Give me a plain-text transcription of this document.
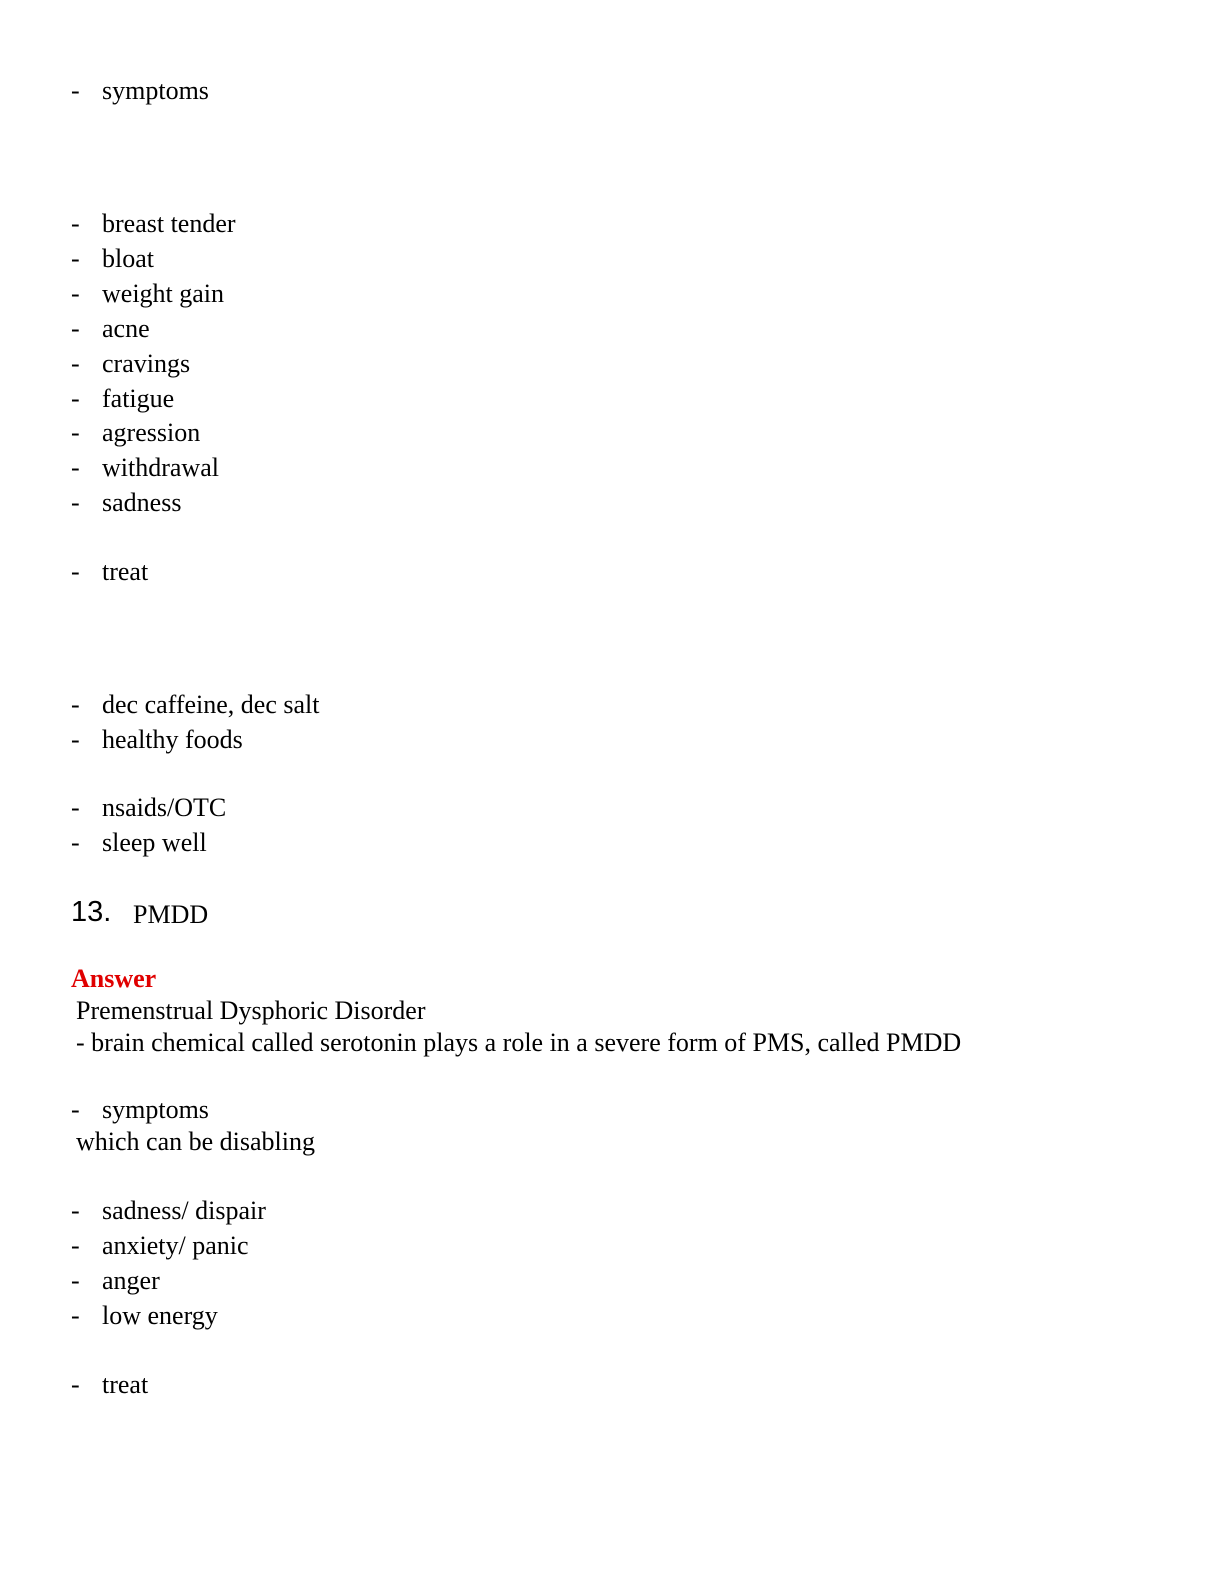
- symptoms
- breast tender
- bloat
- weight gain
- acne
- cravings
- fatigue
- agression
- withdrawal
- sadness
- treat
- dec caffeine, dec salt
- healthy foods
- nsaids/OTC
- sleep well
13. PMDD
Answer
Premenstrual Dysphoric Disorder
- brain chemical called serotonin plays a role in a severe form of PMS, called PMDD
- symptoms
which can be disabling
- sadness/ dispair
- anxiety/ panic
- anger
- low energy
- treat
